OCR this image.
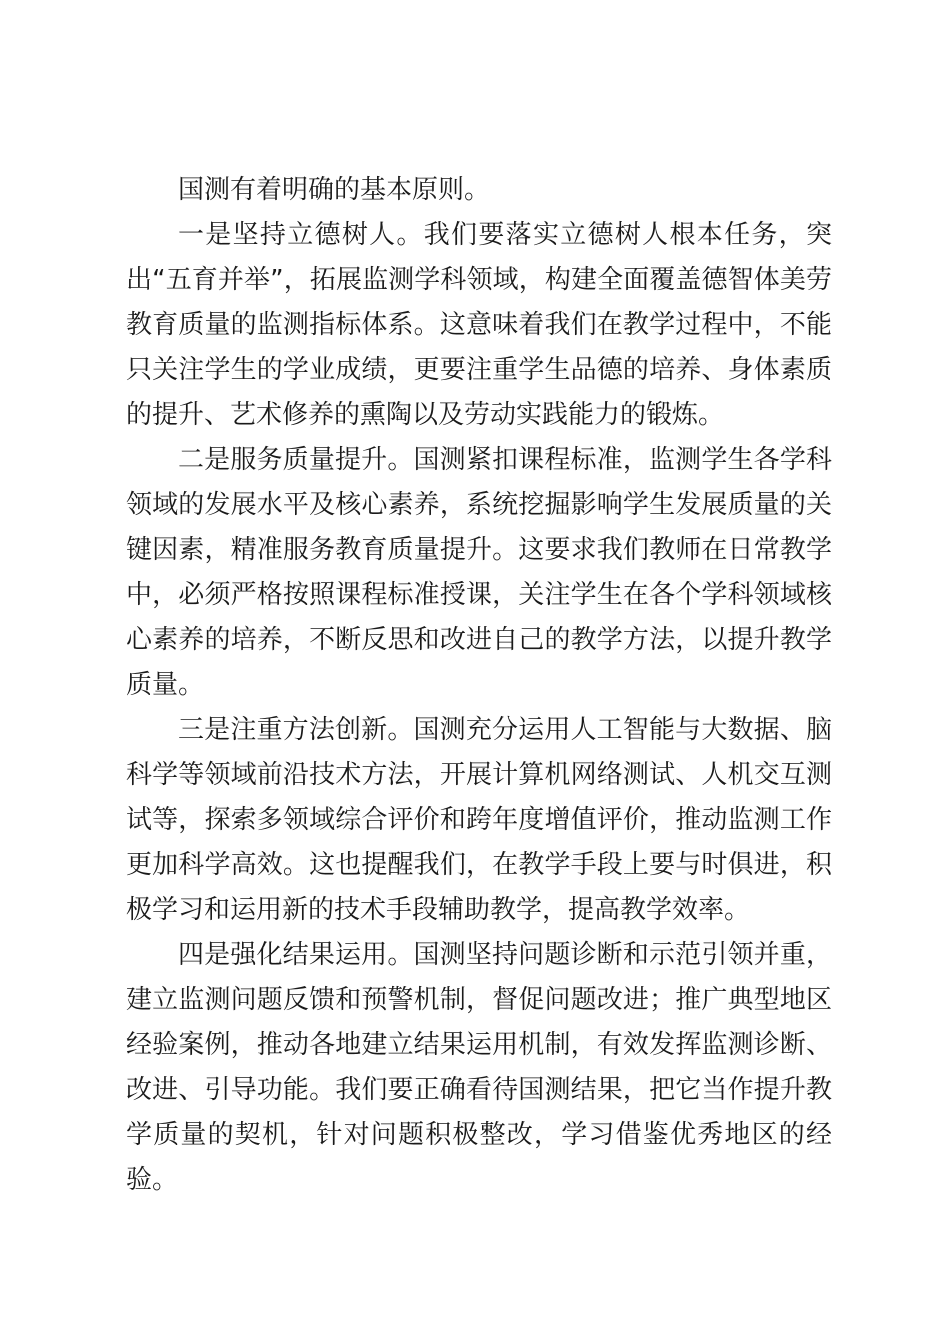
国测有着明确的基本原则。

一是坚持立德树人。我们要落实立德树人根本任务，突出“五育并举”，拓展监测学科领域，构建全面覆盖德智体美劳教育质量的监测指标体系。这意味着我们在教学过程中，不能只关注学生的学业成绩，更要注重学生品德的培养、身体素质的提升、艺术修养的熏陶以及劳动实践能力的锻炼。

二是服务质量提升。国测紧扣课程标准，监测学生各学科领域的发展水平及核心素养，系统挖掘影响学生发展质量的关键因素，精准服务教育质量提升。这要求我们教师在日常教学中，必须严格按照课程标准授课，关注学生在各个学科领域核心素养的培养，不断反思和改进自己的教学方法，以提升教学质量。

三是注重方法创新。国测充分运用人工智能与大数据、脑科学等领域前沿技术方法，开展计算机网络测试、人机交互测试等，探索多领域综合评价和跨年度增值评价，推动监测工作更加科学高效。这也提醒我们，在教学手段上要与时俱进，积极学习和运用新的技术手段辅助教学，提高教学效率。

四是强化结果运用。国测坚持问题诊断和示范引领并重，建立监测问题反馈和预警机制，督促问题改进；推广典型地区经验案例，推动各地建立结果运用机制，有效发挥监测诊断、改进、引导功能。我们要正确看待国测结果，把它当作提升教学质量的契机，针对问题积极整改，学习借鉴优秀地区的经验。
